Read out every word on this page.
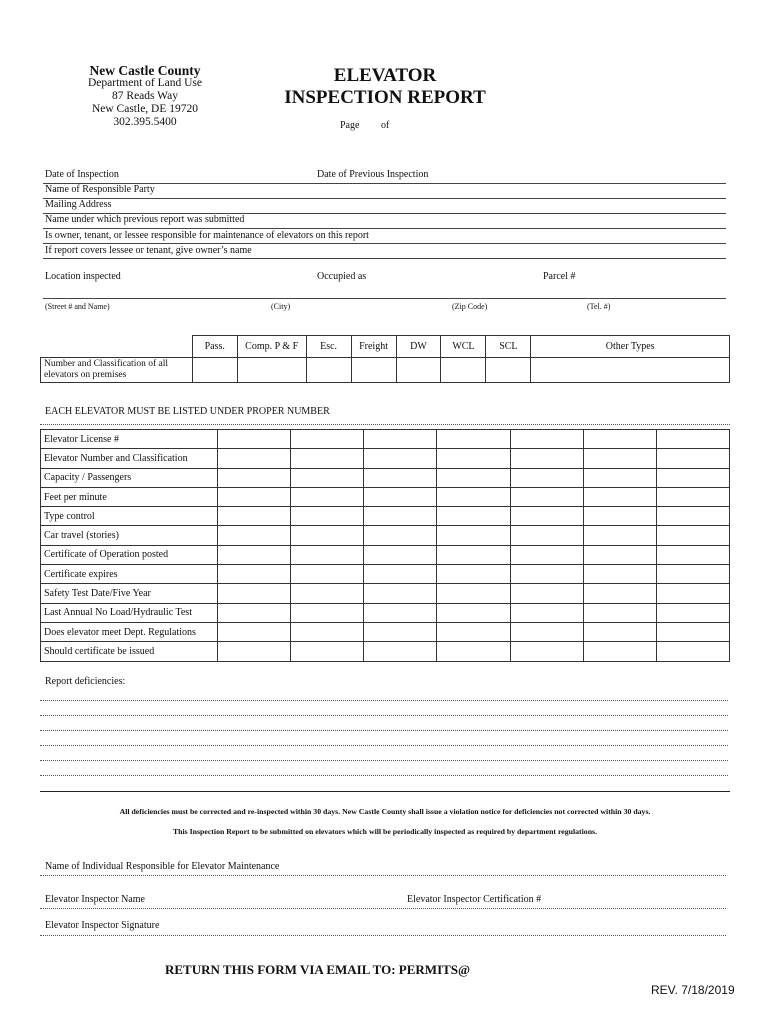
New Castle County
Department of Land Use
87 Reads Way
New Castle, DE 19720
302.395.5400
ELEVATOR
INSPECTION REPORT
Page of
Date of Inspection	Date of Previous Inspection
Name of Responsible Party
Mailing Address
Name under which previous report was submitted
Is owner, tenant, or lessee responsible for maintenance of elevators on this report
If report covers lessee or tenant, give owner’s name
Location inspected	Occupied as	Parcel #
(Street # and Name)	(City)	(Zip Code)	(Tel. #)
	Pass.	Comp. P & F	Esc.	Freight	DW	WCL	SCL	Other Types
Number and Classification of all elevators on premises								
EACH ELEVATOR MUST BE LISTED UNDER PROPER NUMBER
Elevator License #							
Elevator Number and Classification							
Capacity / Passengers							
Feet per minute							
Type control							
Car travel (stories)							
Certificate of Operation posted							
Certificate expires							
Safety Test Date/Five Year							
Last Annual No Load/Hydraulic Test							
Does elevator meet Dept. Regulations							
Should certificate be issued							
Report deficiencies:
All deficiencies must be corrected and re-inspected within 30 days. New Castle County shall issue a violation notice for deficiencies not corrected within 30 days.
This Inspection Report to be submitted on elevators which will be periodically inspected as required by department regulations.
Name of Individual Responsible for Elevator Maintenance
Elevator Inspector Name	Elevator Inspector Certification #
Elevator Inspector Signature
RETURN THIS FORM VIA EMAIL TO: PERMITS@
REV. 7/18/2019
